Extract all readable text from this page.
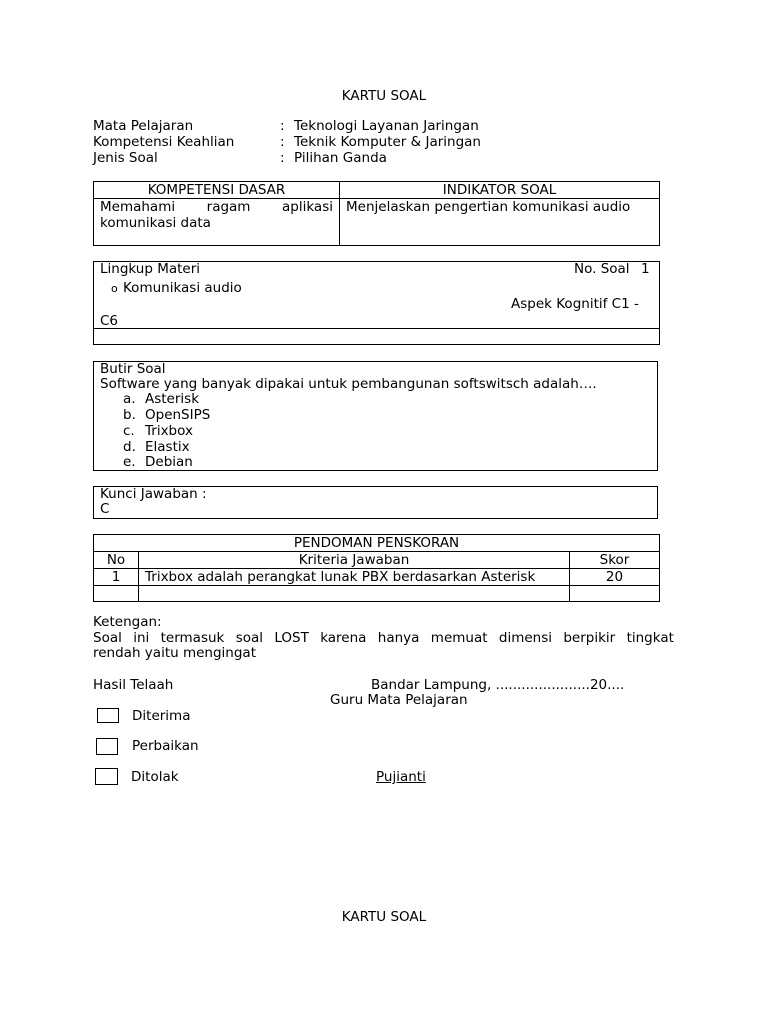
KARTU SOAL
Mata Pelajaran	: Teknologi Layanan Jaringan
Kompetensi Keahlian	: Teknik Komputer & Jaringan
Jenis Soal	: Pilihan Ganda
KOMPETENSI DASAR	INDIKATOR SOAL

Memahami ragam aplikasi
komunikasi data	Menjelaskan pengertian komunikasi audio
Lingkup Materi	No. Soal 1
o Komunikasi audio
Aspek Kognitif C1 -
C6
Butir Soal
Software yang banyak dipakai untuk pembangunan softswitsch adalah….
a. Asterisk
b. OpenSIPS
c. Trixbox
d. Elastix
e. Debian
Kunci Jawaban :
C
PENDOMAN PENSKORAN		
No	Kriteria Jawaban	Skor
1	Trixbox adalah perangkat lunak PBX berdasarkan Asterisk	20

Ketengan:
Soal ini termasuk soal LOST karena hanya memuat dimensi berpikir tingkat
rendah yaitu mengingat
Hasil Telaah	Bandar Lampung, ......................20....
Guru Mata Pelajaran
Diterima
Perbaikan
Ditolak	Pujianti
KARTU SOAL
